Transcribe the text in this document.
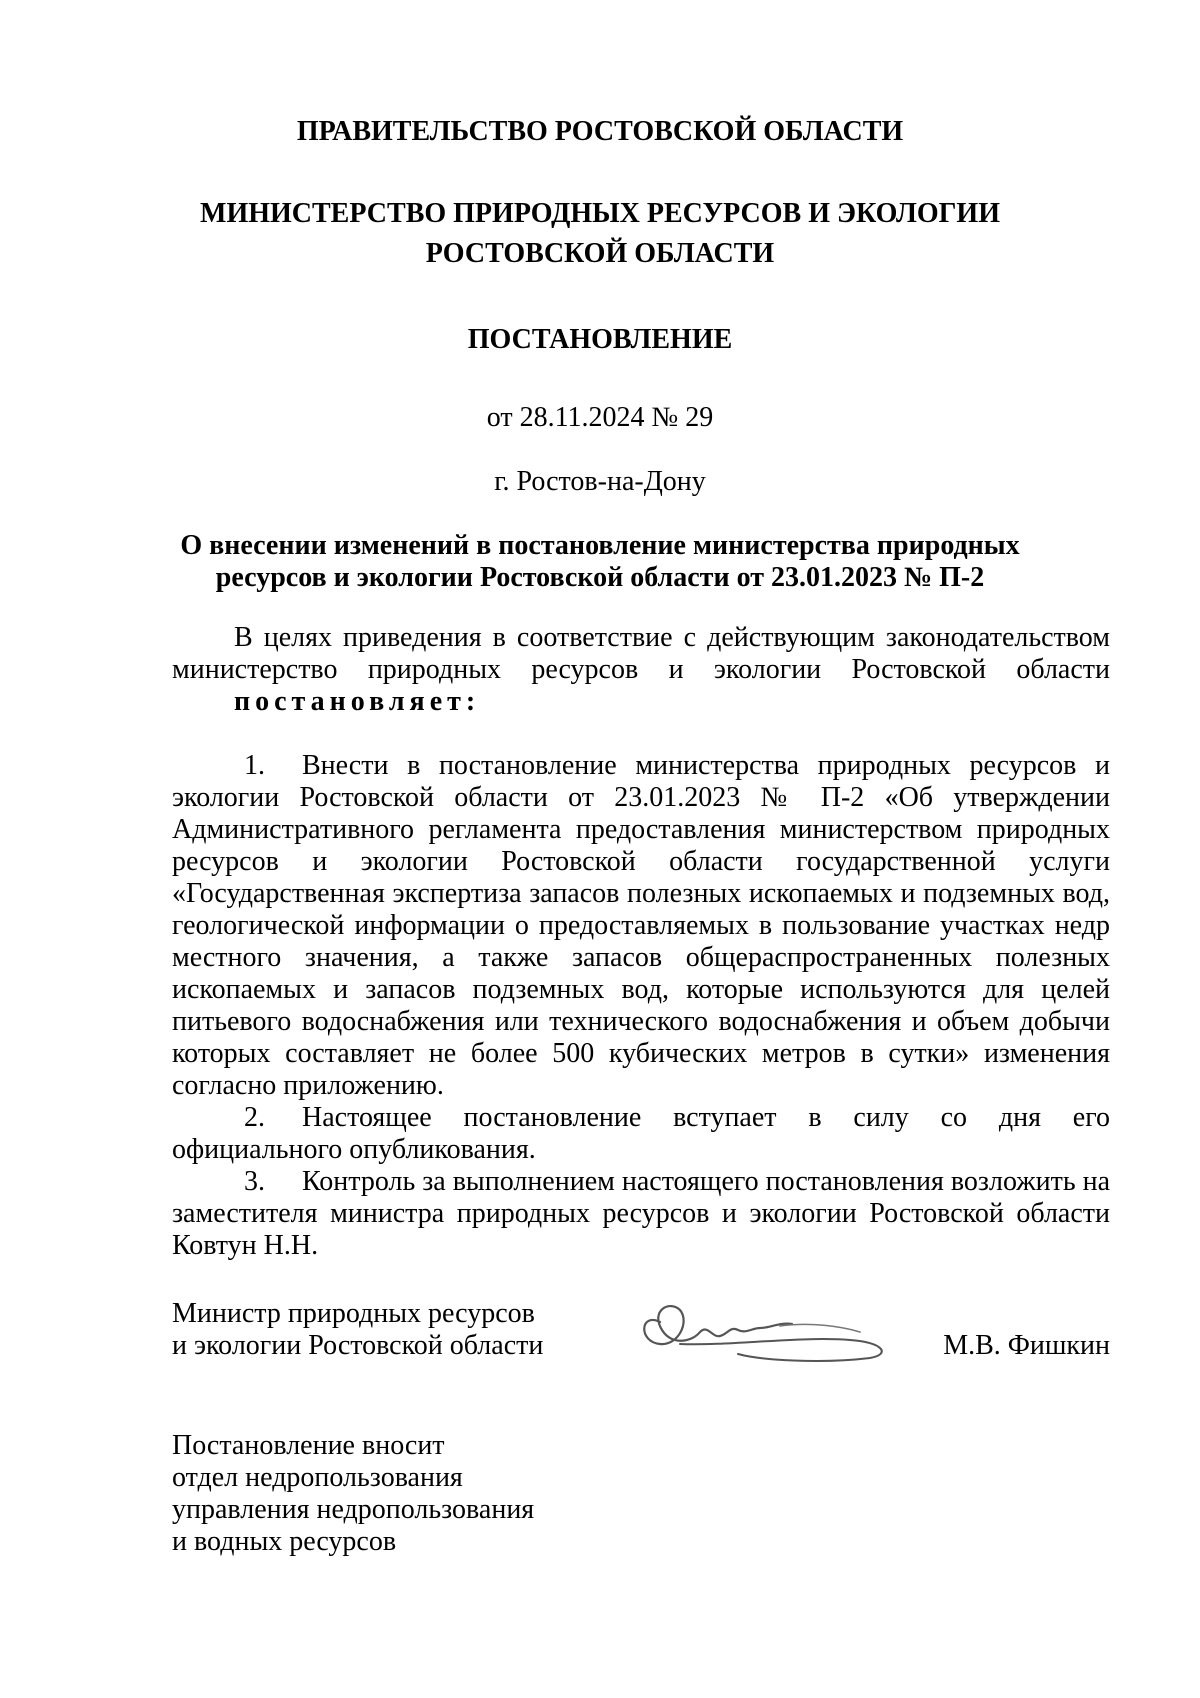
ПРАВИТЕЛЬСТВО РОСТОВСКОЙ ОБЛАСТИ
МИНИСТЕРСТВО ПРИРОДНЫХ РЕСУРСОВ И ЭКОЛОГИИ
РОСТОВСКОЙ ОБЛАСТИ
ПОСТАНОВЛЕНИЕ
от 28.11.2024 № 29
г. Ростов-на-Дону
О внесении изменений в постановление министерства природных
ресурсов и экологии Ростовской области от 23.01.2023 № П-2

В целях приведения в соответствие с действующим законодательством министерство природных ресурсов и экологии Ростовской области постановляет:

1. Внести в постановление министерства природных ресурсов и экологии Ростовской области от 23.01.2023 № П-2 «Об утверждении Административного регламента предоставления министерством природных ресурсов и экологии Ростовской области государственной услуги «Государственная экспертиза запасов полезных ископаемых и подземных вод, геологической информации о предоставляемых в пользование участках недр местного значения, а также запасов общераспространенных полезных ископаемых и запасов подземных вод, которые используются для целей питьевого водоснабжения или технического водоснабжения и объем добычи которых составляет не более 500 кубических метров в сутки» изменения согласно приложению.

2. Настоящее постановление вступает в силу со дня его официального опубликования.

3. Контроль за выполнением настоящего постановления возложить на заместителя министра природных ресурсов и экологии Ростовской области Ковтун Н.Н.

Министр природных ресурсов
и экологии Ростовской области	М.В. Фишкин
Постановление вносит
отдел недропользования
управления недропользования
и водных ресурсов
